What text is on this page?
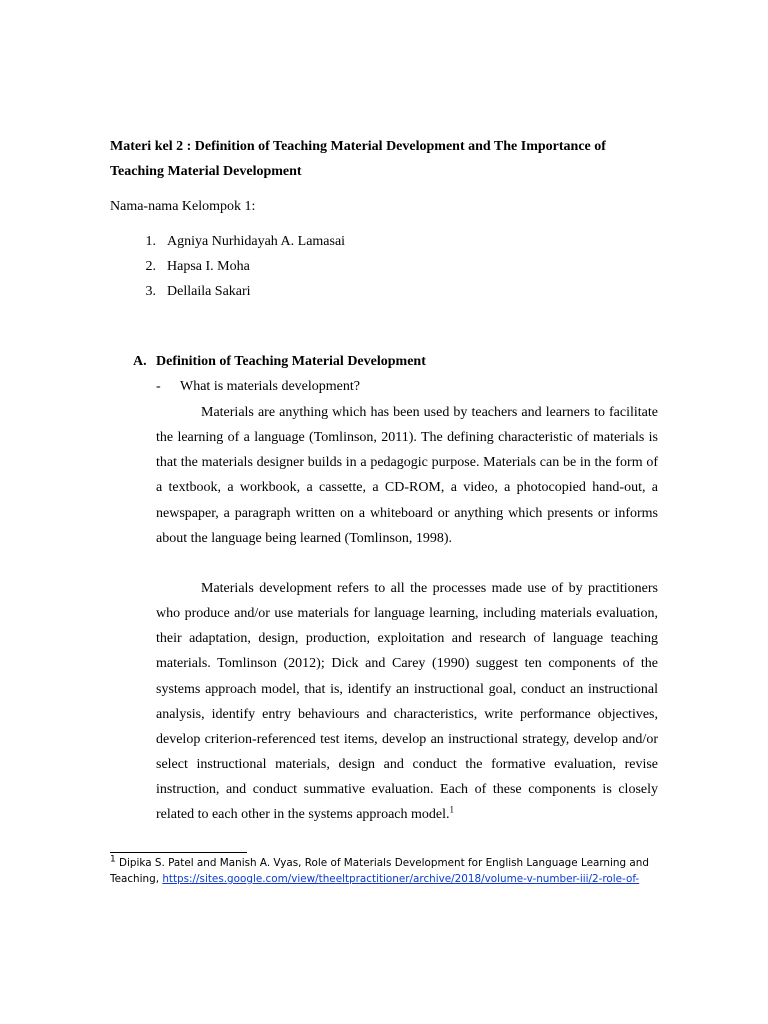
Materi kel 2 : Definition of Teaching Material Development and The Importance of
Teaching Material Development

Nama-nama Kelompok 1:

1. Agniya Nurhidayah A. Lamasai
2. Hapsa I. Moha
3. Dellaila Sakari
A. Definition of Teaching Material Development
-	What is materials development?

Materials are anything which has been used by teachers and learners to facilitate the learning of a language (Tomlinson, 2011). The defining characteristic of materials is that the materials designer builds in a pedagogic purpose. Materials can be in the form of a textbook, a workbook, a cassette, a CD-ROM, a video, a photocopied hand-out, a newspaper, a paragraph written on a whiteboard or anything which presents or informs about the language being learned (Tomlinson, 1998).

Materials development refers to all the processes made use of by practitioners who produce and/or use materials for language learning, including materials evaluation, their adaptation, design, production, exploitation and research of language teaching materials. Tomlinson (2012); Dick and Carey (1990) suggest ten components of the systems approach model, that is, identify an instructional goal, conduct an instructional analysis, identify entry behaviours and characteristics, write performance objectives, develop criterion-referenced test items, develop an instructional strategy, develop and/or select instructional materials, design and conduct the formative evaluation, revise instruction, and conduct summative evaluation. Each of these components is closely related to each other in the systems approach model.$^1$

$^1$ Dipika S. Patel and Manish A. Vyas, Role of Materials Development for English Language Learning and
Teaching, https://sites.google.com/view/theeltpractitioner/archive/2018/volume-v-number-iii/2-role-of-
